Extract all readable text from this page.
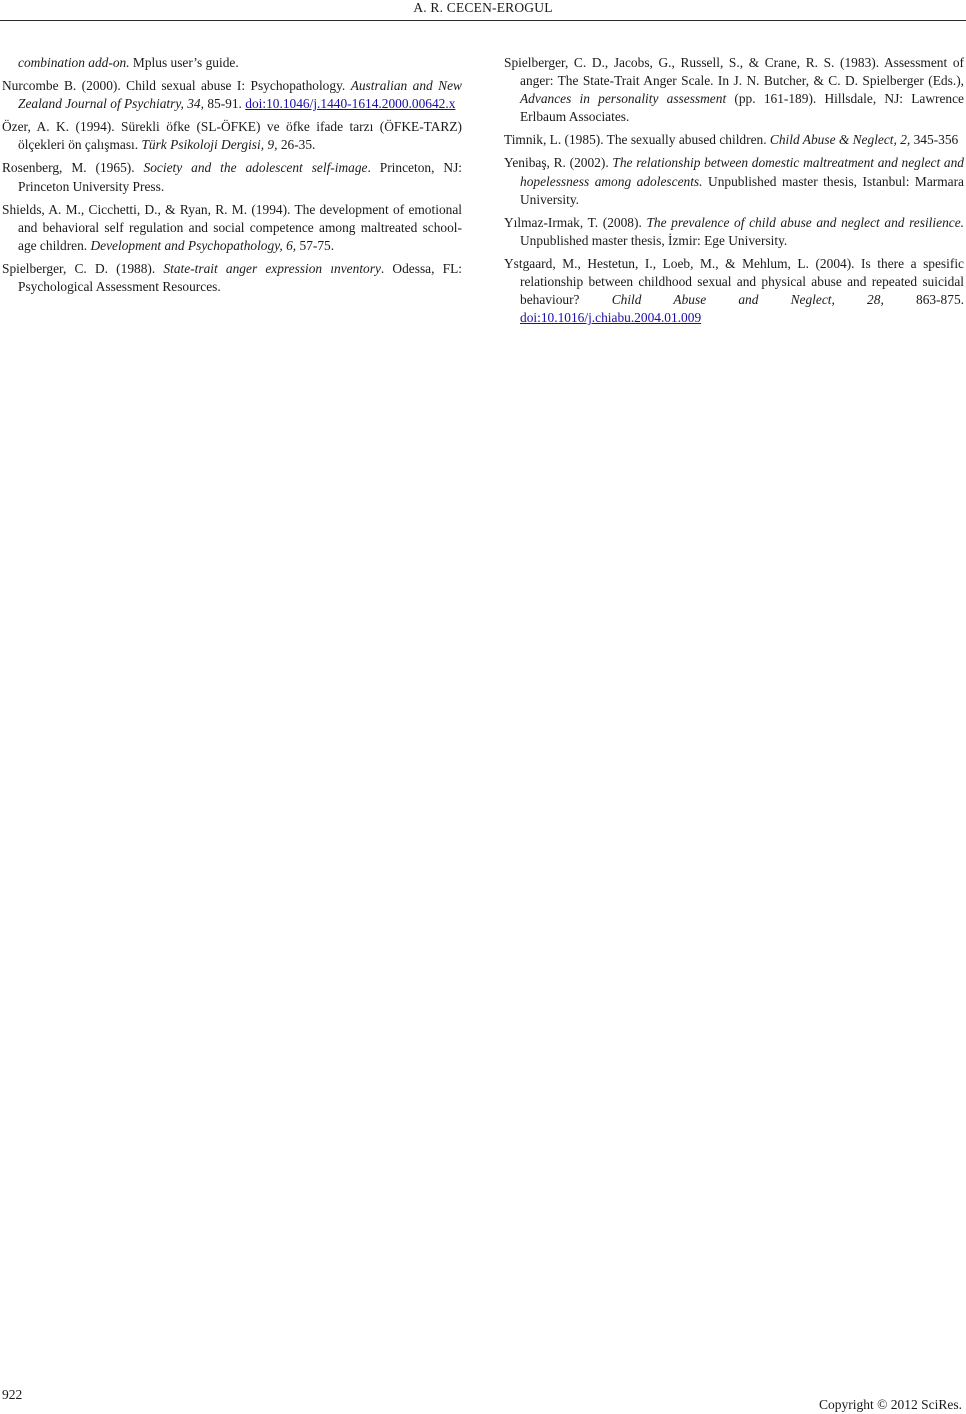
A. R. CECEN-EROGUL

combination add-on. Mplus user’s guide.

Nurcombe B. (2000). Child sexual abuse I: Psychopathology. Australian and New Zealand Journal of Psychiatry, 34, 85-91. doi:10.1046/j.1440-1614.2000.00642.x

Özer, A. K. (1994). Sürekli öfke (SL-ÖFKE) ve öfke ifade tarzı (ÖFKE-TARZ) ölçekleri ön çalışması. Türk Psikoloji Dergisi, 9, 26-35.

Rosenberg, M. (1965). Society and the adolescent self-image. Princeton, NJ: Princeton University Press.

Shields, A. M., Cicchetti, D., & Ryan, R. M. (1994). The development of emotional and behavioral self regulation and social competence among maltreated school-age children. Development and Psychopathology, 6, 57-75.

Spielberger, C. D. (1988). State-trait anger expression ınventory. Odessa, FL: Psychological Assessment Resources.

Spielberger, C. D., Jacobs, G., Russell, S., & Crane, R. S. (1983). Assessment of anger: The State-Trait Anger Scale. In J. N. Butcher, & C. D. Spielberger (Eds.), Advances in personality assessment (pp. 161-189). Hillsdale, NJ: Lawrence Erlbaum Associates.

Timnik, L. (1985). The sexually abused children. Child Abuse & Neglect, 2, 345-356

Yenibaş, R. (2002). The relationship between domestic maltreatment and neglect and hopelessness among adolescents. Unpublished master thesis, Istanbul: Marmara University.

Yılmaz-Irmak, T. (2008). The prevalence of child abuse and neglect and resilience. Unpublished master thesis, İzmir: Ege University.

Ystgaard, M., Hestetun, I., Loeb, M., & Mehlum, L. (2004). Is there a spesific relationship between childhood sexual and physical abuse and repeated suicidal behaviour? Child Abuse and Neglect, 28, 863-875. doi:10.1016/j.chiabu.2004.01.009

922
Copyright © 2012 SciRes.
